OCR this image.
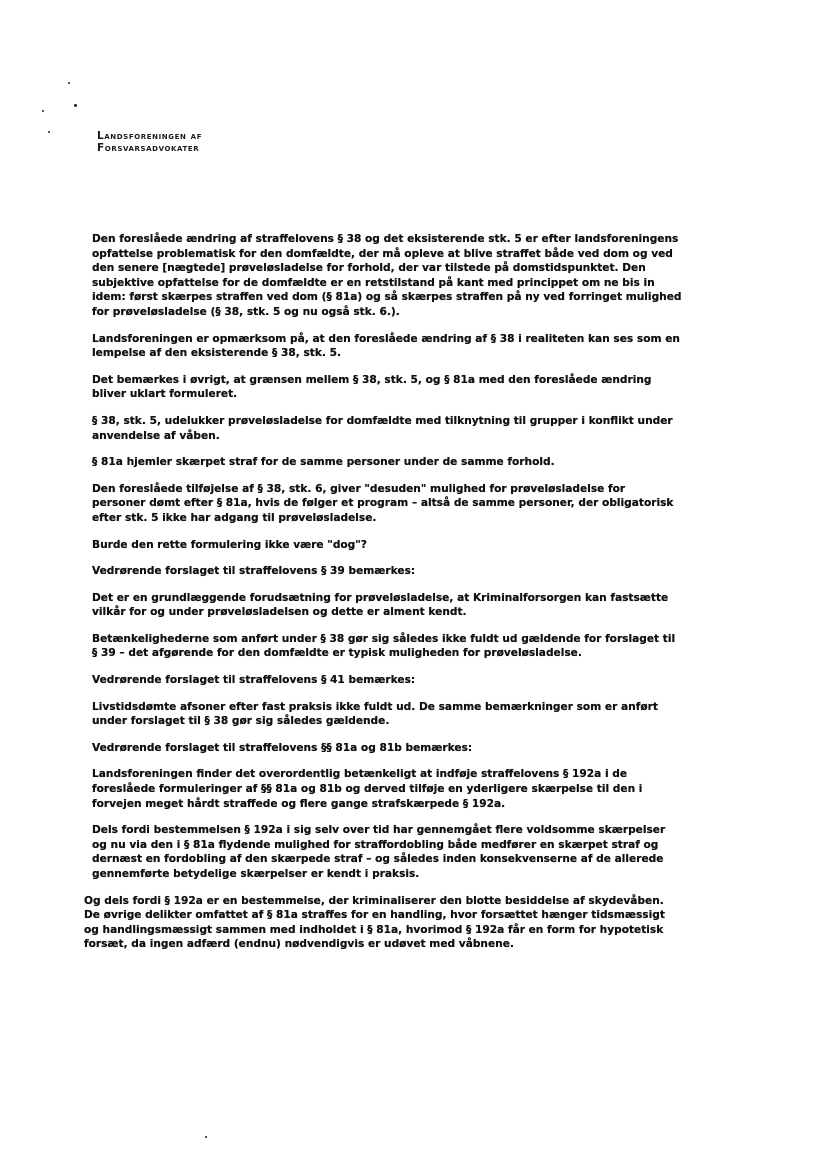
Landsforeningen af
Forsvarsadvokater

Den foreslåede ændring af straffelovens § 38 og det eksisterende stk. 5 er efter landsforeningens opfattelse problematisk for den domfældte, der må opleve at blive straffet både ved dom og ved den senere [nægtede] prøveløsladelse for forhold, der var tilstede på domstidspunktet. Den subjektive opfattelse for de domfældte er en retstilstand på kant med princippet om ne bis in idem: først skærpes straffen ved dom (§ 81a) og så skærpes straffen på ny ved forringet mulighed for prøveløsladelse (§ 38, stk. 5 og nu også stk. 6.).

Landsforeningen er opmærksom på, at den foreslåede ændring af § 38 i realiteten kan ses som en lempelse af den eksisterende § 38, stk. 5.

Det bemærkes i øvrigt, at grænsen mellem § 38, stk. 5, og § 81a med den foreslåede ændring bliver uklart formuleret.

§ 38, stk. 5, udelukker prøveløsladelse for domfældte med tilknytning til grupper i konflikt under anvendelse af våben.

§ 81a hjemler skærpet straf for de samme personer under de samme forhold.

Den foreslåede tilføjelse af § 38, stk. 6, giver "desuden" mulighed for prøveløsladelse for personer dømt efter § 81a, hvis de følger et program – altså de samme personer, der obligatorisk efter stk. 5 ikke har adgang til prøveløsladelse.

Burde den rette formulering ikke være "dog"?

Vedrørende forslaget til straffelovens § 39 bemærkes:

Det er en grundlæggende forudsætning for prøveløsladelse, at Kriminalforsorgen kan fastsætte vilkår for og under prøveløsladelsen og dette er alment kendt.

Betænkelighederne som anført under § 38 gør sig således ikke fuldt ud gældende for forslaget til § 39 – det afgørende for den domfældte er typisk muligheden for prøveløsladelse.

Vedrørende forslaget til straffelovens § 41 bemærkes:

Livstidsdømte afsoner efter fast praksis ikke fuldt ud. De samme bemærkninger som er anført under forslaget til § 38 gør sig således gældende.

Vedrørende forslaget til straffelovens §§ 81a og 81b bemærkes:

Landsforeningen finder det overordentlig betænkeligt at indføje straffelovens § 192a i de foreslåede formuleringer af §§ 81a og 81b og derved tilføje en yderligere skærpelse til den i forvejen meget hårdt straffede og flere gange strafskærpede § 192a.

Dels fordi bestemmelsen § 192a i sig selv over tid har gennemgået flere voldsomme skærpelser og nu via den i § 81a flydende mulighed for straffordobling både medfører en skærpet straf og dernæst en fordobling af den skærpede straf – og således inden konsekvenserne af de allerede gennemførte betydelige skærpelser er kendt i praksis.

Og dels fordi § 192a er en bestemmelse, der kriminaliserer den blotte besiddelse af skydevåben. De øvrige delikter omfattet af § 81a straffes for en handling, hvor forsættet hænger tidsmæssigt og handlingsmæssigt sammen med indholdet i § 81a, hvorimod § 192a får en form for hypotetisk forsæt, da ingen adfærd (endnu) nødvendigvis er udøvet med våbnene.
